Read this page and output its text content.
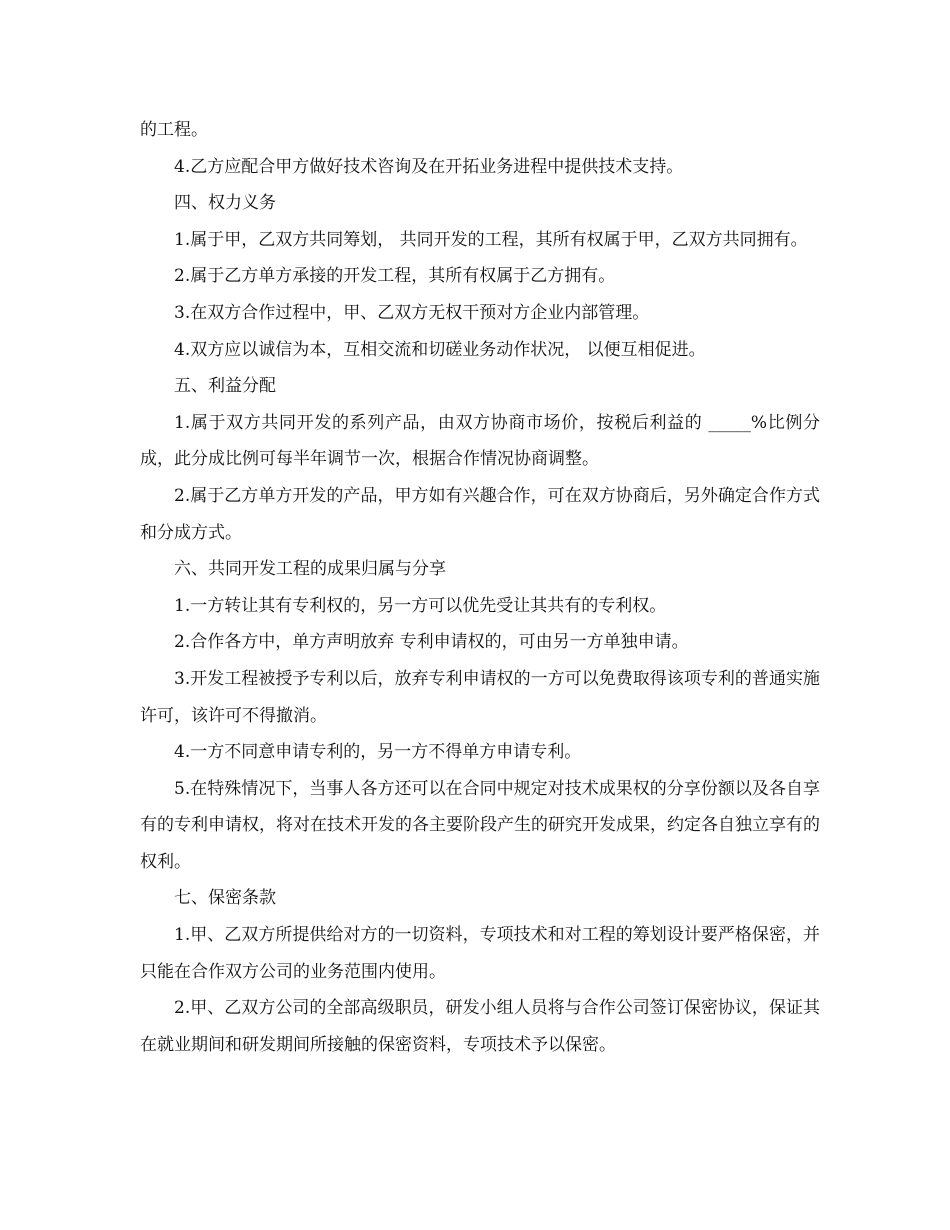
的工程。

4.乙方应配合甲方做好技术咨询及在开拓业务进程中提供技术支持。

四、权力义务

1.属于甲，乙双方共同筹划， 共同开发的工程，其所有权属于甲，乙双方共同拥有。

2.属于乙方单方承接的开发工程，其所有权属于乙方拥有。

3.在双方合作过程中，甲、乙双方无权干预对方企业内部管理。

4.双方应以诚信为本，互相交流和切磋业务动作状况， 以便互相促进。

五、利益分配

1.属于双方共同开发的系列产品，由双方协商市场价，按税后利益的 _____%比例分成，此分成比例可每半年调节一次，根据合作情况协商调整。

2.属于乙方单方开发的产品，甲方如有兴趣合作，可在双方协商后，另外确定合作方式和分成方式。

六、共同开发工程的成果归属与分享

1.一方转让其有专利权的，另一方可以优先受让其共有的专利权。

2.合作各方中，单方声明放弃 专利申请权的，可由另一方单独申请。

3.开发工程被授予专利以后，放弃专利申请权的一方可以免费取得该项专利的普通实施许可，该许可不得撤消。

4.一方不同意申请专利的，另一方不得单方申请专利。

5.在特殊情况下，当事人各方还可以在合同中规定对技术成果权的分享份额以及各自享有的专利申请权，将对在技术开发的各主要阶段产生的研究开发成果，约定各自独立享有的权利。

七、保密条款

1.甲、乙双方所提供给对方的一切资料，专项技术和对工程的筹划设计要严格保密，并只能在合作双方公司的业务范围内使用。

2.甲、乙双方公司的全部高级职员，研发小组人员将与合作公司签订保密协议，保证其在就业期间和研发期间所接触的保密资料，专项技术予以保密。
